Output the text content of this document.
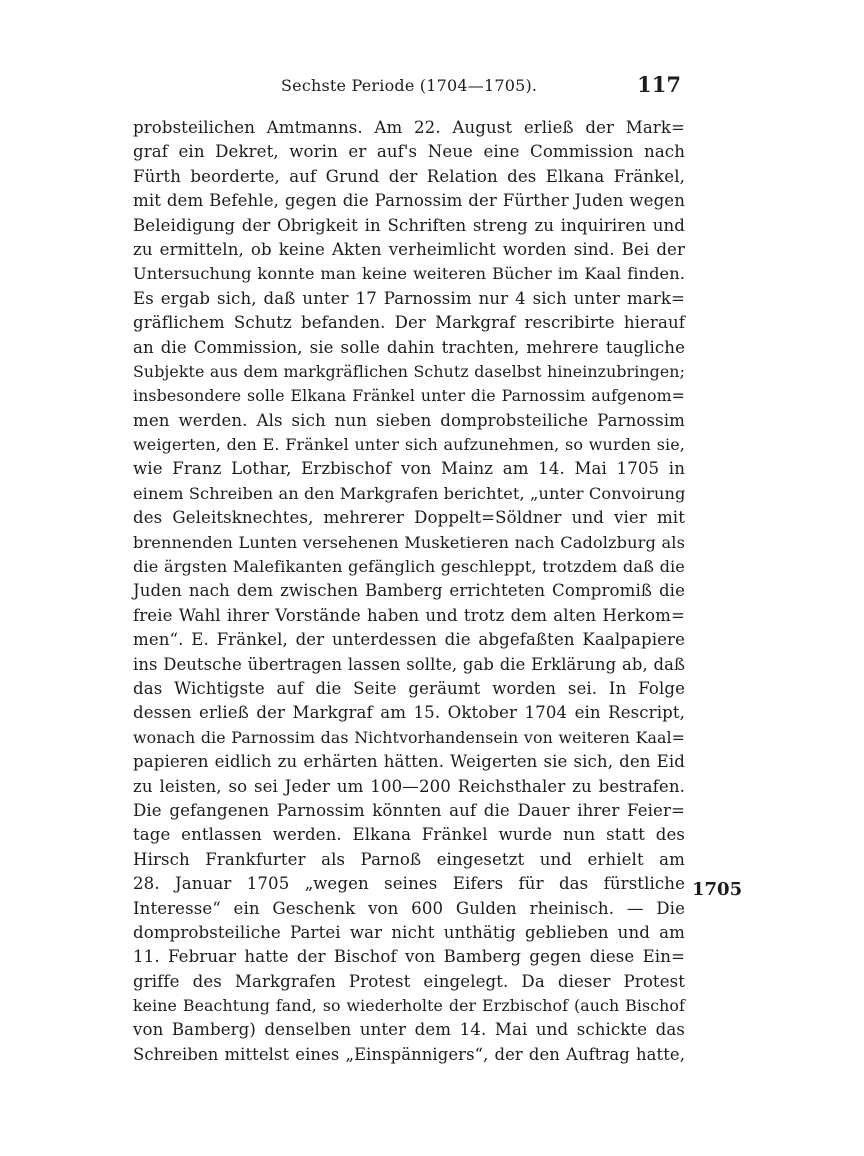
Sechste Periode (1704—1705).	117
probsteilichen Amtmanns. Am 22. August erließ der Mark=
graf ein Dekret, worin er auf's Neue eine Commission nach
Fürth beorderte, auf Grund der Relation des Elkana Fränkel,
mit dem Befehle, gegen die Parnossim der Fürther Juden wegen
Beleidigung der Obrigkeit in Schriften streng zu inquiriren und
zu ermitteln, ob keine Akten verheimlicht worden sind. Bei der
Untersuchung konnte man keine weiteren Bücher im Kaal finden.
Es ergab sich, daß unter 17 Parnossim nur 4 sich unter mark=
gräflichem Schutz befanden. Der Markgraf rescribirte hierauf
an die Commission, sie solle dahin trachten, mehrere taugliche
Subjekte aus dem markgräflichen Schutz daselbst hineinzubringen;
insbesondere solle Elkana Fränkel unter die Parnossim aufgenom=
men werden. Als sich nun sieben domprobsteiliche Parnossim
weigerten, den E. Fränkel unter sich aufzunehmen, so wurden sie,
wie Franz Lothar, Erzbischof von Mainz am 14. Mai 1705 in
einem Schreiben an den Markgrafen berichtet, „unter Convoirung
des Geleitsknechtes, mehrerer Doppelt=Söldner und vier mit
brennenden Lunten versehenen Musketieren nach Cadolzburg als
die ärgsten Malefikanten gefänglich geschleppt, trotzdem daß die
Juden nach dem zwischen Bamberg errichteten Compromiß die
freie Wahl ihrer Vorstände haben und trotz dem alten Herkom=
men“. E. Fränkel, der unterdessen die abgefaßten Kaalpapiere
ins Deutsche übertragen lassen sollte, gab die Erklärung ab, daß
das Wichtigste auf die Seite geräumt worden sei. In Folge
dessen erließ der Markgraf am 15. Oktober 1704 ein Rescript,
wonach die Parnossim das Nichtvorhandensein von weiteren Kaal=
papieren eidlich zu erhärten hätten. Weigerten sie sich, den Eid
zu leisten, so sei Jeder um 100—200 Reichsthaler zu bestrafen.
Die gefangenen Parnossim könnten auf die Dauer ihrer Feier=
tage entlassen werden. Elkana Fränkel wurde nun statt des
Hirsch Frankfurter als Parnoß eingesetzt und erhielt am
28. Januar 1705 „wegen seines Eifers für das fürstliche
Interesse“ ein Geschenk von 600 Gulden rheinisch. — Die
domprobsteiliche Partei war nicht unthätig geblieben und am
11. Februar hatte der Bischof von Bamberg gegen diese Ein=
griffe des Markgrafen Protest eingelegt. Da dieser Protest
keine Beachtung fand, so wiederholte der Erzbischof (auch Bischof
von Bamberg) denselben unter dem 14. Mai und schickte das
Schreiben mittelst eines „Einspännigers“, der den Auftrag hatte,
1705
